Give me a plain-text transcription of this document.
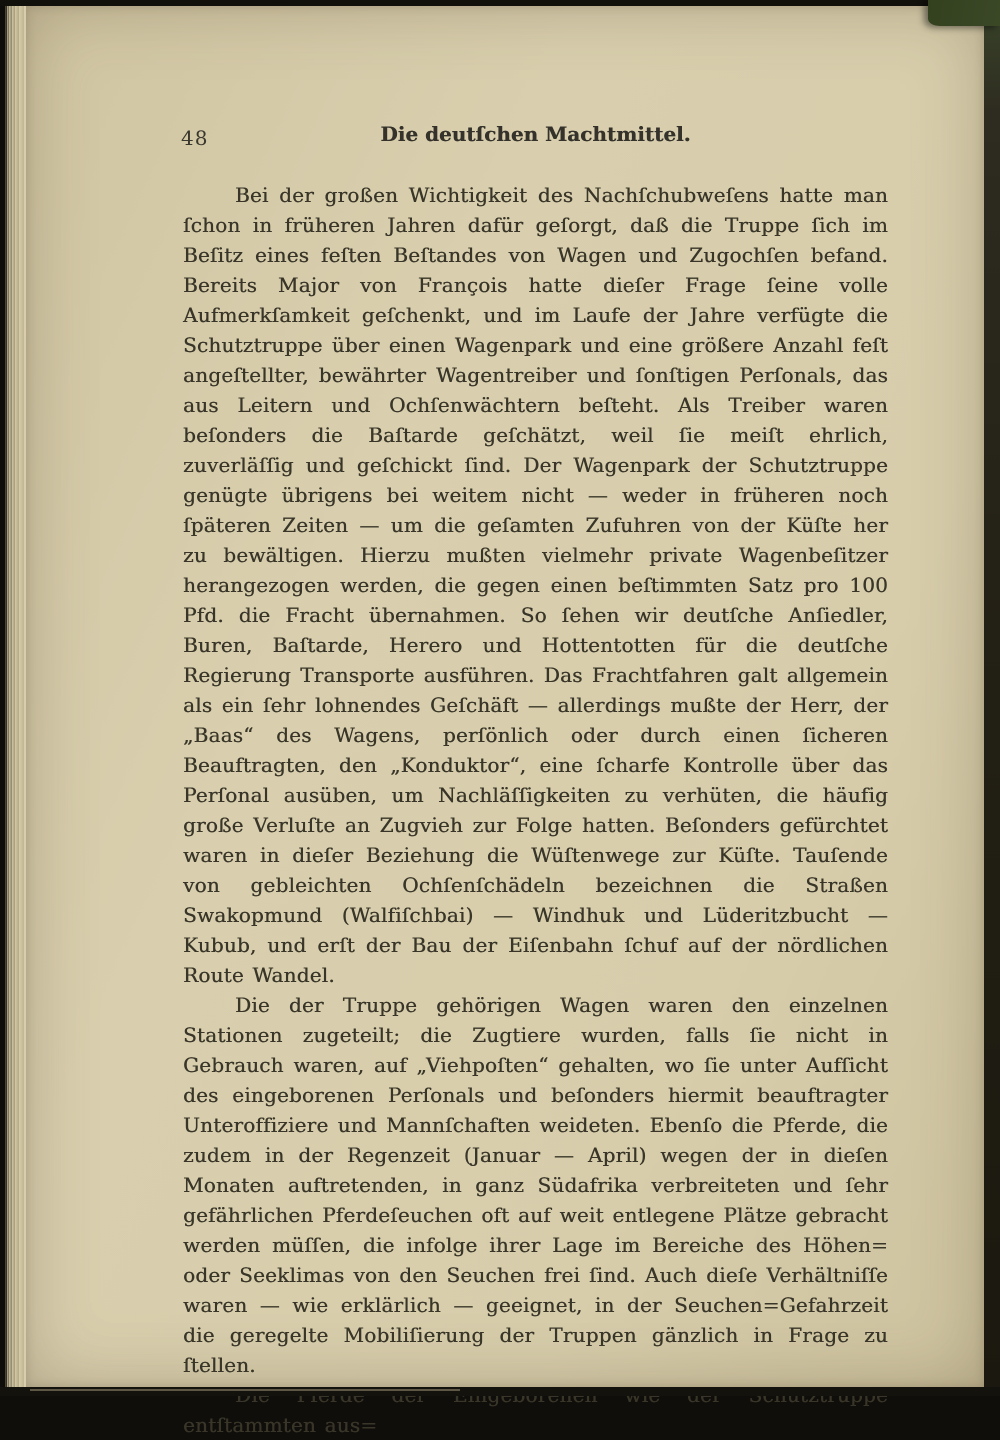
48	Die deutſchen Machtmittel.

Bei der großen Wichtigkeit des Nachſchubweſens hatte man ſchon in früheren Jahren dafür geſorgt, daß die Truppe ſich im Beſitz eines feſten Beſtandes von Wagen und Zugochſen befand. Bereits Major von François hatte dieſer Frage ſeine volle Aufmerkſamkeit geſchenkt, und im Laufe der Jahre verfügte die Schutztruppe über einen Wagenpark und eine größere Anzahl feſt angeſtellter, bewährter Wagentreiber und ſonſtigen Perſonals, das aus Leitern und Ochſenwächtern beſteht. Als Treiber waren beſonders die Baſtarde geſchätzt, weil ſie meiſt ehrlich, zuverläſſig und geſchickt ſind. Der Wagenpark der Schutztruppe genügte übrigens bei weitem nicht — weder in früheren noch ſpäteren Zeiten — um die geſamten Zufuhren von der Küſte her zu bewältigen. Hierzu mußten vielmehr private Wagenbeſitzer herangezogen werden, die gegen einen beſtimmten Satz pro 100 Pfd. die Fracht übernahmen. So ſehen wir deutſche Anſiedler, Buren, Baſtarde, Herero und Hottentotten für die deutſche Regierung Transporte ausführen. Das Frachtfahren galt allgemein als ein ſehr lohnendes Geſchäft — allerdings mußte der Herr, der „Baas“ des Wagens, perſönlich oder durch einen ſicheren Beauftragten, den „Konduktor“, eine ſcharfe Kontrolle über das Perſonal ausüben, um Nachläſſigkeiten zu verhüten, die häufig große Verluſte an Zugvieh zur Folge hatten. Beſonders gefürchtet waren in dieſer Beziehung die Wüſtenwege zur Küſte. Tauſende von gebleichten Ochſenſchädeln bezeichnen die Straßen Swakopmund (Walfiſchbai) — Windhuk und Lüderitzbucht — Kubub, und erſt der Bau der Eiſenbahn ſchuf auf der nördlichen Route Wandel.

Die der Truppe gehörigen Wagen waren den einzelnen Stationen zugeteilt; die Zugtiere wurden, falls ſie nicht in Gebrauch waren, auf „Viehpoſten“ gehalten, wo ſie unter Aufſicht des eingeborenen Perſonals und beſonders hiermit beauftragter Unteroffiziere und Mannſchaften weideten. Ebenſo die Pferde, die zudem in der Regenzeit (Januar — April) wegen der in dieſen Monaten auftretenden, in ganz Südafrika verbreiteten und ſehr gefährlichen Pferdeſeuchen oft auf weit entlegene Plätze gebracht werden müſſen, die infolge ihrer Lage im Bereiche des Höhen= oder Seeklimas von den Seuchen frei ſind. Auch dieſe Verhältniſſe waren — wie erklärlich — geeignet, in der Seuchen=Gefahrzeit die geregelte Mobiliſierung der Truppen gänzlich in Frage zu ſtellen.

entſtammten aus=
